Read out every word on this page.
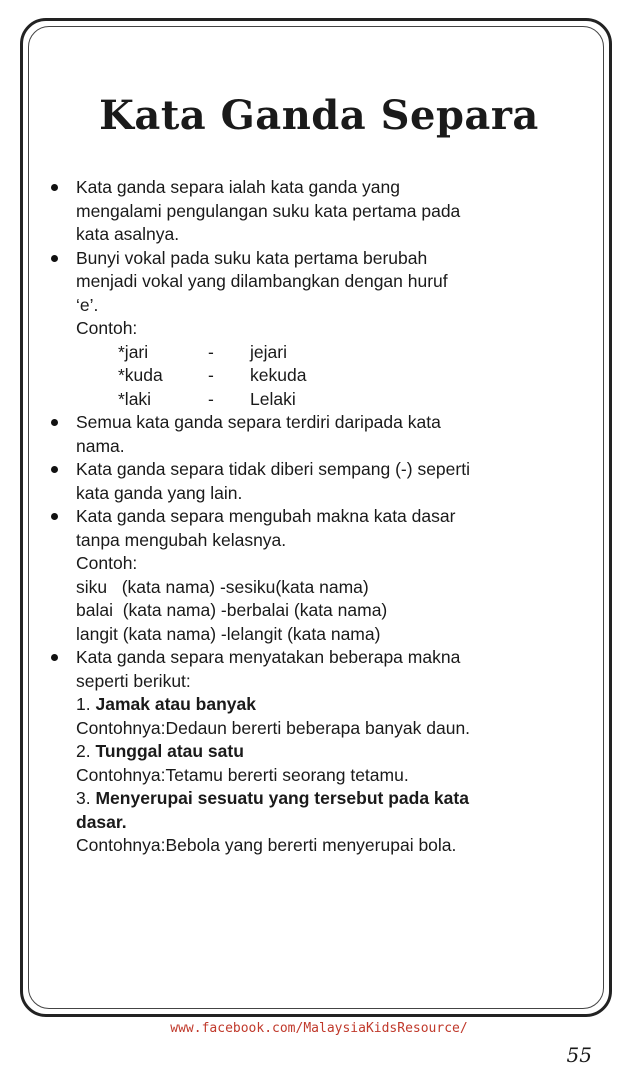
Kata Ganda Separa
Kata ganda separa ialah kata ganda yang
mengalami pengulangan suku kata pertama pada
kata asalnya.
Bunyi vokal pada suku kata pertama berubah
menjadi vokal yang dilambangkan dengan huruf
‘e’.
Contoh:
*jari	-	jejari
*kuda	-	kekuda
*laki	-	Lelaki
Semua kata ganda separa terdiri daripada kata
nama.
Kata ganda separa tidak diberi sempang (-) seperti
kata ganda yang lain.
Kata ganda separa mengubah makna kata dasar
tanpa mengubah kelasnya.
Contoh:
siku   (kata nama) -sesiku(kata nama)
balai  (kata nama) -berbalai (kata nama)
langit (kata nama) -lelangit (kata nama)
Kata ganda separa menyatakan beberapa makna
seperti berikut:
1. Jamak atau banyak
Contohnya:Dedaun bererti beberapa banyak daun.
2. Tunggal atau satu
Contohnya:Tetamu bererti seorang tetamu.
3. Menyerupai sesuatu yang tersebut pada kata
dasar.
Contohnya:Bebola yang bererti menyerupai bola.
www.facebook.com/MalaysiaKidsResource/
55
